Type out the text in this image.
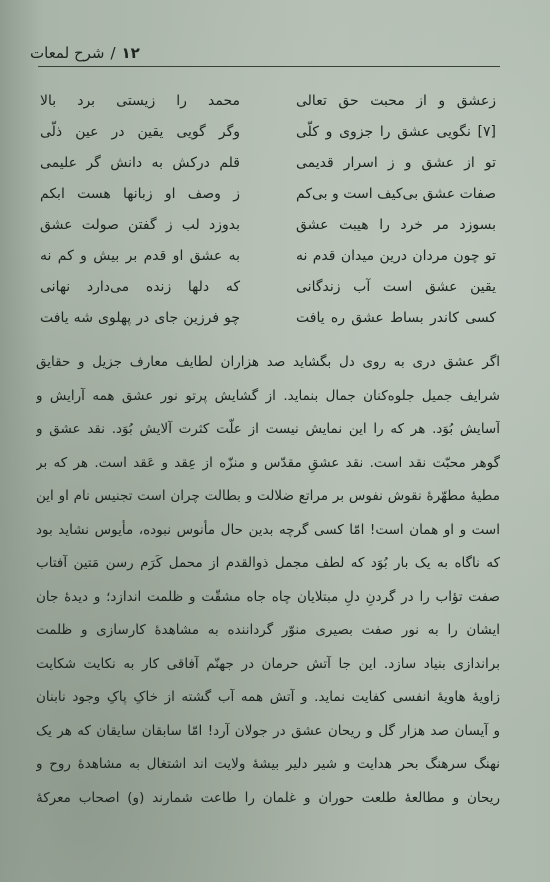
۱۲
/
شرح لمعات
زعشق و از محبت حق تعالی
محمد را زیستی برد بالا
[۷] نگویی عشق را جزوی و کلّی
وگر گویی یقین در عین ذلّی
تو از عشق و ز اسرار قدیمی
قلم درکش به دانش گر علیمی
صفات عشق بی‌کیف است و بی‌کم
ز وصف او زبانها هست ابکم
بسوزد مر خرد را هیبت عشق
بدوزد لب ز گفتن صولت عشق
تو چون مردان درین میدان قدم نه
به عشق او قدم بر بیش و کم نه
یقین عشق است آب زندگانی
که دلها زنده می‌دارد نهانی
کسی کاندر بساط عشق ره یافت
چو فرزین جای در پهلوی شه یافت
اگر عشق دری به روی دل بگشاید صد هزاران لطایف معارف جزیل و حقایق
شرایف جمیل جلوه‌کنان جمال بنماید. از گشایش پرتو نور عشق همه آرایش و
آسایش بُوَد. هر که را این نمایش نیست از علّت کثرت آلایش بُوَد. نقد عشق و
گوهر محبّت نقد است. نقد عشقِ مقدّس و منزّه از عِقد و عَقد است. هر که بر
مطیهٔ مطهّرهٔ نقوش نفوس بر مراتع ضلالت و بطالت چران است تجنیس نام او این
است و او همان است! امّا کسی گرچه بدین حال مأنوس نبوده، مأیوس نشاید بود
که ناگاه به یک بار بُوَد که لطف مجمل ذوالقدم از محمل کَرَم رسن مَتین آفتاب
صفت تؤاب را در گردنِ دلِ مبتلایان چاه جاه مشقّت و ظلمت اندازد؛ و دیدهٔ جان
ایشان را به نور صفت بصیری منوّر گرداننده به مشاهدهٔ کارسازی و ظلمت
براندازی بنیاد سازد. این جا آتش حرمان در جهنّم آفاقی کار به نکایت شکایت
زاویهٔ هاویهٔ انفسی کفایت نماید. و آتش همه آب گشته از خاکِ پاکِ وجود نابنان
و آیسان صد هزار گل و ریحان عشق در جولان آرد! امّا سابقان سایقان که هر یک
نهنگ سرهنگ بحر هدایت و شیر دلیر بیشهٔ ولایت اند اشتغال به مشاهدهٔ روح و
ریحان و مطالعهٔ طلعت حوران و غلمان را طاعت شمارند (و) اصحاب معرکهٔ
